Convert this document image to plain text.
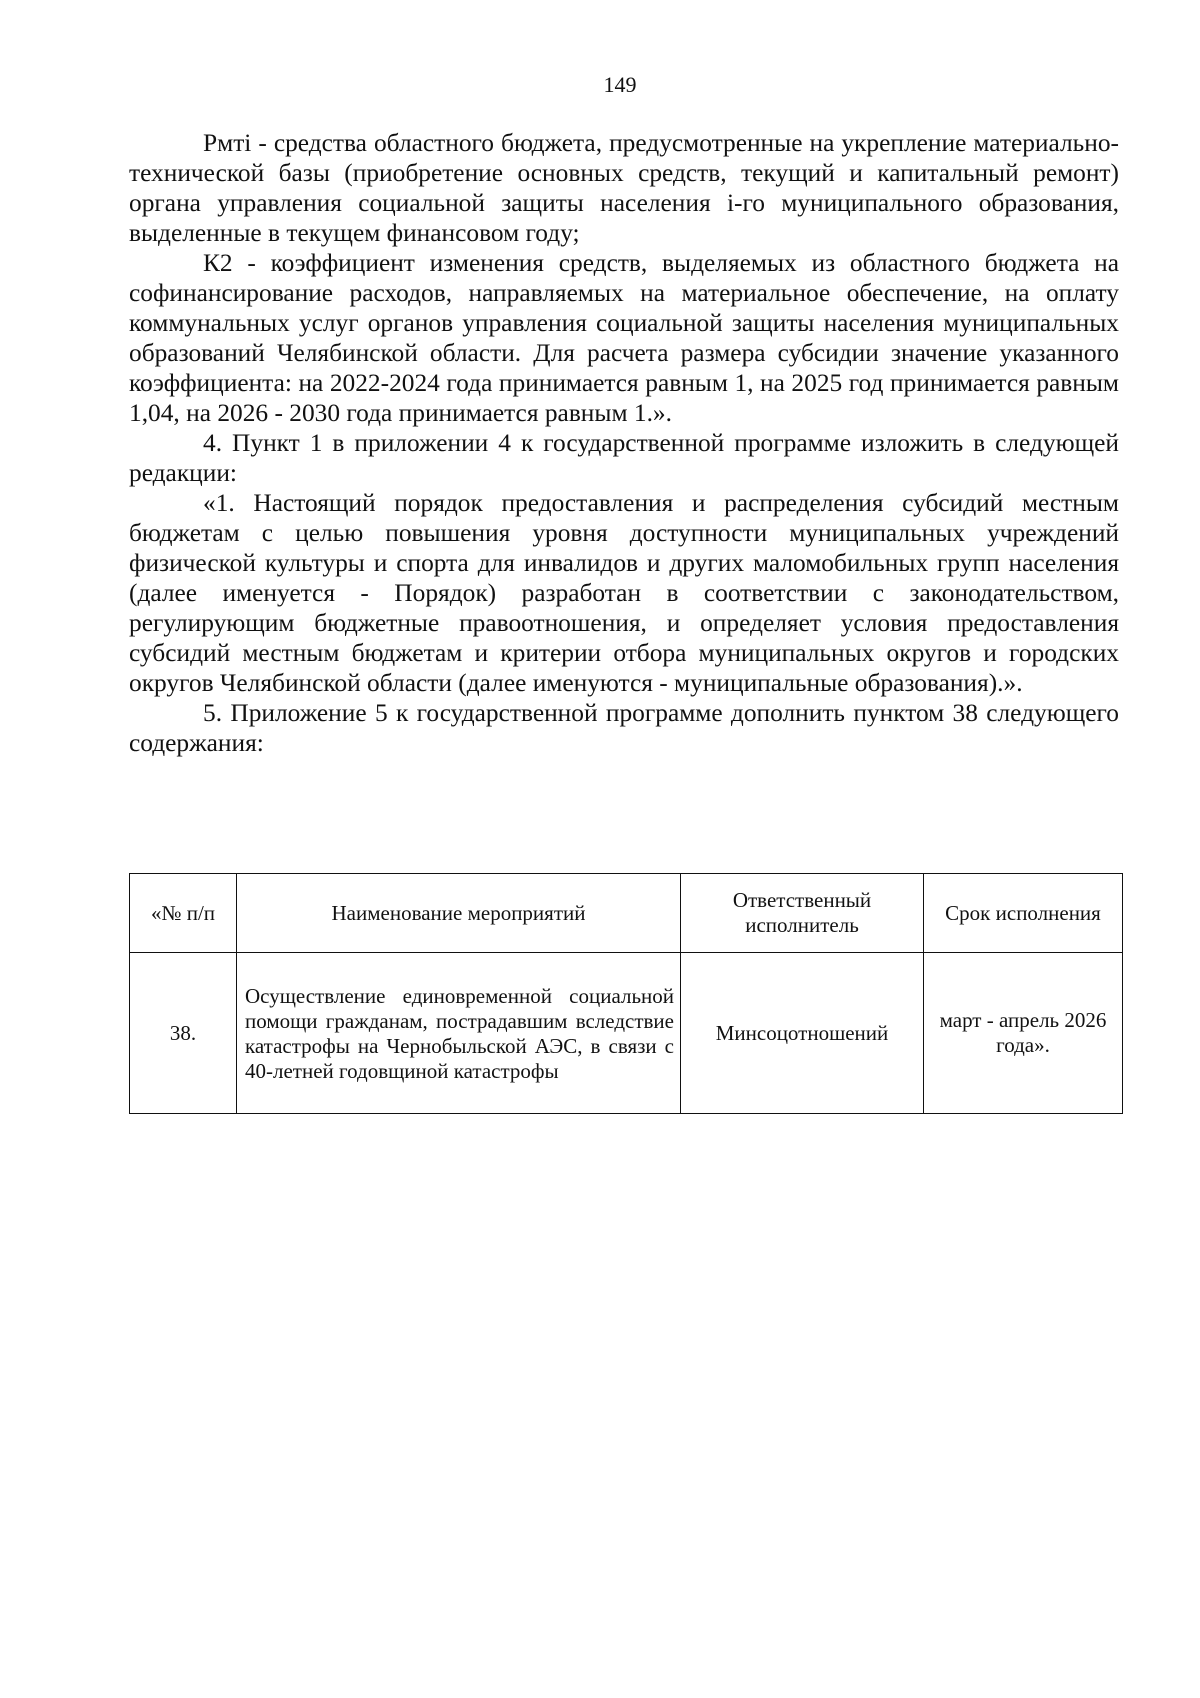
149

Рмтi - средства областного бюджета, предусмотренные на укрепление материально-технической базы (приобретение основных средств, текущий и капитальный ремонт) органа управления социальной защиты населения i-го муниципального образования, выделенные в текущем финансовом году;

К2 - коэффициент изменения средств, выделяемых из областного бюджета на софинансирование расходов, направляемых на материальное обеспечение, на оплату коммунальных услуг органов управления социальной защиты населения муниципальных образований Челябинской области. Для расчета размера субсидии значение указанного коэффициента: на 2022-2024 года принимается равным 1, на 2025 год принимается равным 1,04, на 2026 - 2030 года принимается равным 1.».

4. Пункт 1 в приложении 4 к государственной программе изложить в следующей редакции:

«1. Настоящий порядок предоставления и распределения субсидий местным бюджетам с целью повышения уровня доступности муниципальных учреждений физической культуры и спорта для инвалидов и других маломобильных групп населения (далее именуется - Порядок) разработан в соответствии с законодательством, регулирующим бюджетные правоотношения, и определяет условия предоставления субсидий местным бюджетам и критерии отбора муниципальных округов и городских округов Челябинской области (далее именуются - муниципальные образования).».

5. Приложение 5 к государственной программе дополнить пунктом 38 следующего содержания:

«№ п/п	Наименование мероприятий	Ответственный исполнитель	Срок исполнения
38.	Осуществление единовременной социальной помощи гражданам, пострадавшим вследствие катастрофы на Чернобыльской АЭС, в связи с 40-летней годовщиной катастрофы	Минсоцотношений	март - апрель 2026 года».
